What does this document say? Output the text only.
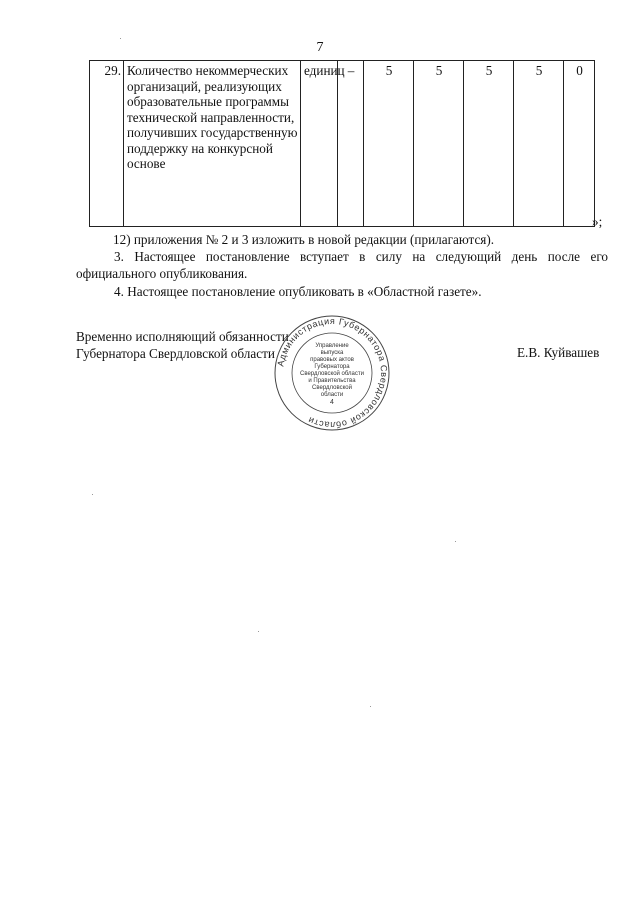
7
29.	Количество некоммерческих организаций, реализующих образовательные программы технической направленности, получивших государственную поддержку на конкурсной основе	единиц	–	5	5	5	5	0
»;
12) приложения № 2 и 3 изложить в новой редакции (прилагаются).
3. Настоящее постановление вступает в силу на следующий день после его официального опубликования.
4. Настоящее постановление опубликовать в «Областной газете».
Временно исполняющий обязанности
Губернатора Свердловской области	Е.В. Куйвашев
Администрация Губернатора Свердловской области
Управление
выпуска
правовых актов
Губернатора
Свердловской области
и Правительства
Свердловской
области
4
